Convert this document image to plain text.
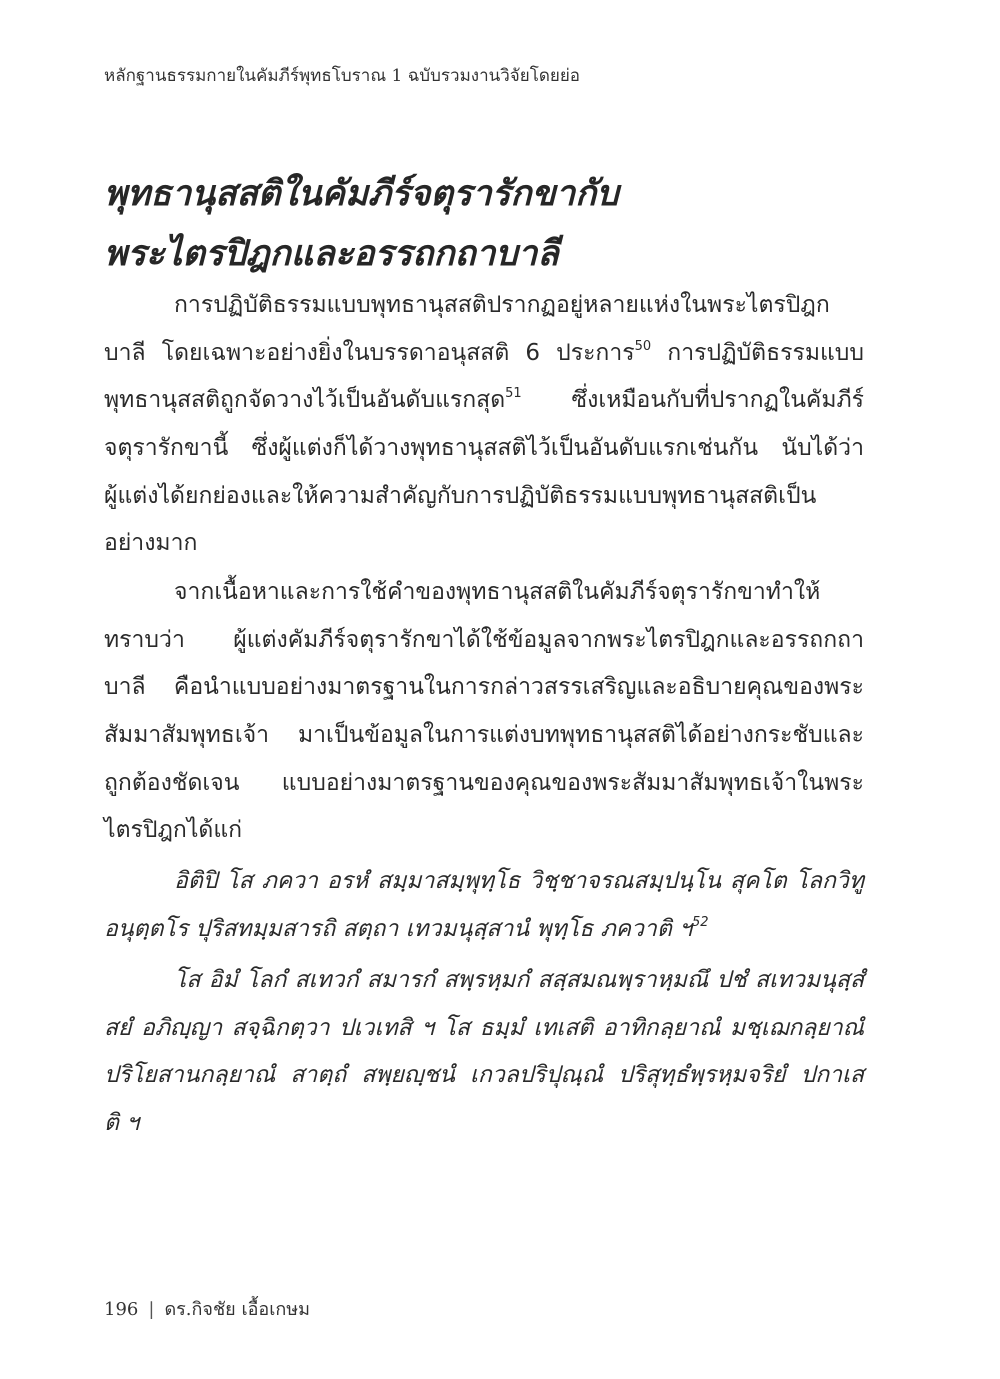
หลักฐานธรรมกายในคัมภีร์พุทธโบราณ 1 ฉบับรวมงานวิจัยโดยย่อ
พุทธานุสสติในคัมภีร์จตุรารักขากับ
พระไตรปิฎกและอรรถกถาบาลี
การปฏิบัติธรรมแบบพุทธานุสสติปรากฏอยู่หลายแห่งในพระไตรปิฎก
บาลี โดยเฉพาะอย่างยิ่งในบรรดาอนุสสติ 6 ประการ$^{50}$ การปฏิบัติธรรมแบบ
พุทธานุสสติถูกจัดวางไว้เป็นอันดับแรกสุด$^{51}$ ซึ่งเหมือนกับที่ปรากฏในคัมภีร์
จตุรารักขานี้ ซึ่งผู้แต่งก็ได้วางพุทธานุสสติไว้เป็นอันดับแรกเช่นกัน นับได้ว่า
ผู้แต่งได้ยกย่องและให้ความสำคัญกับการปฏิบัติธรรมแบบพุทธานุสสติเป็น
อย่างมาก
จากเนื้อหาและการใช้คำของพุทธานุสสติในคัมภีร์จตุรารักขาทำให้
ทราบว่า ผู้แต่งคัมภีร์จตุรารักขาได้ใช้ข้อมูลจากพระไตรปิฎกและอรรถกถา
บาลี คือนำแบบอย่างมาตรฐานในการกล่าวสรรเสริญและอธิบายคุณของพระ
สัมมาสัมพุทธเจ้า มาเป็นข้อมูลในการแต่งบทพุทธานุสสติได้อย่างกระชับและ
ถูกต้องชัดเจน แบบอย่างมาตรฐานของคุณของพระสัมมาสัมพุทธเจ้าในพระ
ไตรปิฎกได้แก่
อิติปิ โส ภควา อรหํ สมฺมาสมฺพุทฺโธ วิชฺชาจรณสมฺปนฺโน สุคโต โลกวิทู
อนุตฺตโร ปุริสทมฺมสารถิ สตฺถา เทวมนุสฺสานํ พุทฺโธ ภควาติ ฯ$^{52}$
โส อิมํ โลกํ สเทวกํ สมารกํ สพฺรหฺมกํ สสฺสมณพฺราหฺมณึ ปชํ สเทวมนุสฺสํ
สยํ อภิญฺญา สจฺฉิกตฺวา ปเวเทสิ ฯ โส ธมฺมํ เทเสติ อาทิกลฺยาณํ มชฺเฌกลฺยาณํ
ปริโยสานกลฺยาณํ สาตฺถํ สพฺยญฺชนํ เกวลปริปุณฺณํ ปริสุทฺธํพฺรหฺมจริยํ ปกาเส
ติ ฯ
196 | ดร.กิจชัย เอื้อเกษม
